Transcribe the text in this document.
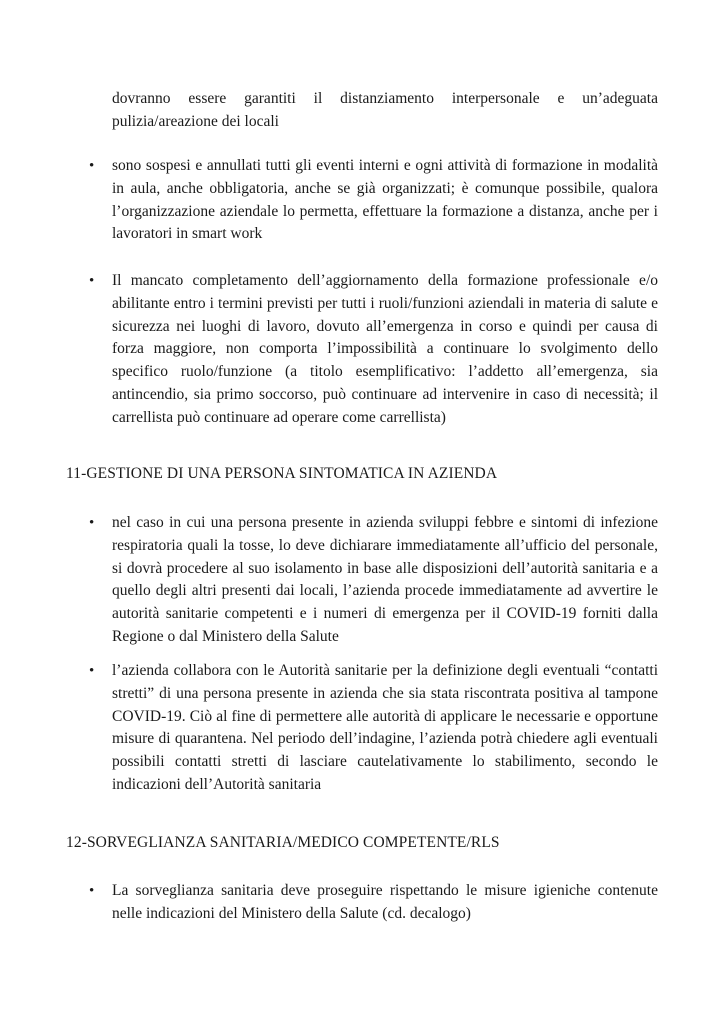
dovranno essere garantiti il distanziamento interpersonale e un’adeguata pulizia/areazione dei locali

• sono sospesi e annullati tutti gli eventi interni e ogni attività di formazione in modalità in aula, anche obbligatoria, anche se già organizzati; è comunque possibile, qualora l’organizzazione aziendale lo permetta, effettuare la formazione a distanza, anche per i lavoratori in smart work

• Il mancato completamento dell’aggiornamento della formazione professionale e/o abilitante entro i termini previsti per tutti i ruoli/funzioni aziendali in materia di salute e sicurezza nei luoghi di lavoro, dovuto all’emergenza in corso e quindi per causa di forza maggiore, non comporta l’impossibilità a continuare lo svolgimento dello specifico ruolo/funzione (a titolo esemplificativo: l’addetto all’emergenza, sia antincendio, sia primo soccorso, può continuare ad intervenire in caso di necessità; il carrellista può continuare ad operare come carrellista)

11-GESTIONE DI UNA PERSONA SINTOMATICA IN AZIENDA
• nel caso in cui una persona presente in azienda sviluppi febbre e sintomi di infezione respiratoria quali la tosse, lo deve dichiarare immediatamente all’ufficio del personale, si dovrà procedere al suo isolamento in base alle disposizioni dell’autorità sanitaria e a quello degli altri presenti dai locali, l’azienda procede immediatamente ad avvertire le autorità sanitarie competenti e i numeri di emergenza per il COVID-19 forniti dalla Regione o dal Ministero della Salute

• l’azienda collabora con le Autorità sanitarie per la definizione degli eventuali “contatti stretti” di una persona presente in azienda che sia stata riscontrata positiva al tampone COVID-19. Ciò al fine di permettere alle autorità di applicare le necessarie e opportune misure di quarantena. Nel periodo dell’indagine, l’azienda potrà chiedere agli eventuali possibili contatti stretti di lasciare cautelativamente lo stabilimento, secondo le indicazioni dell’Autorità sanitaria

12-SORVEGLIANZA SANITARIA/MEDICO COMPETENTE/RLS
• La sorveglianza sanitaria deve proseguire rispettando le misure igieniche contenute nelle indicazioni del Ministero della Salute (cd. decalogo)
